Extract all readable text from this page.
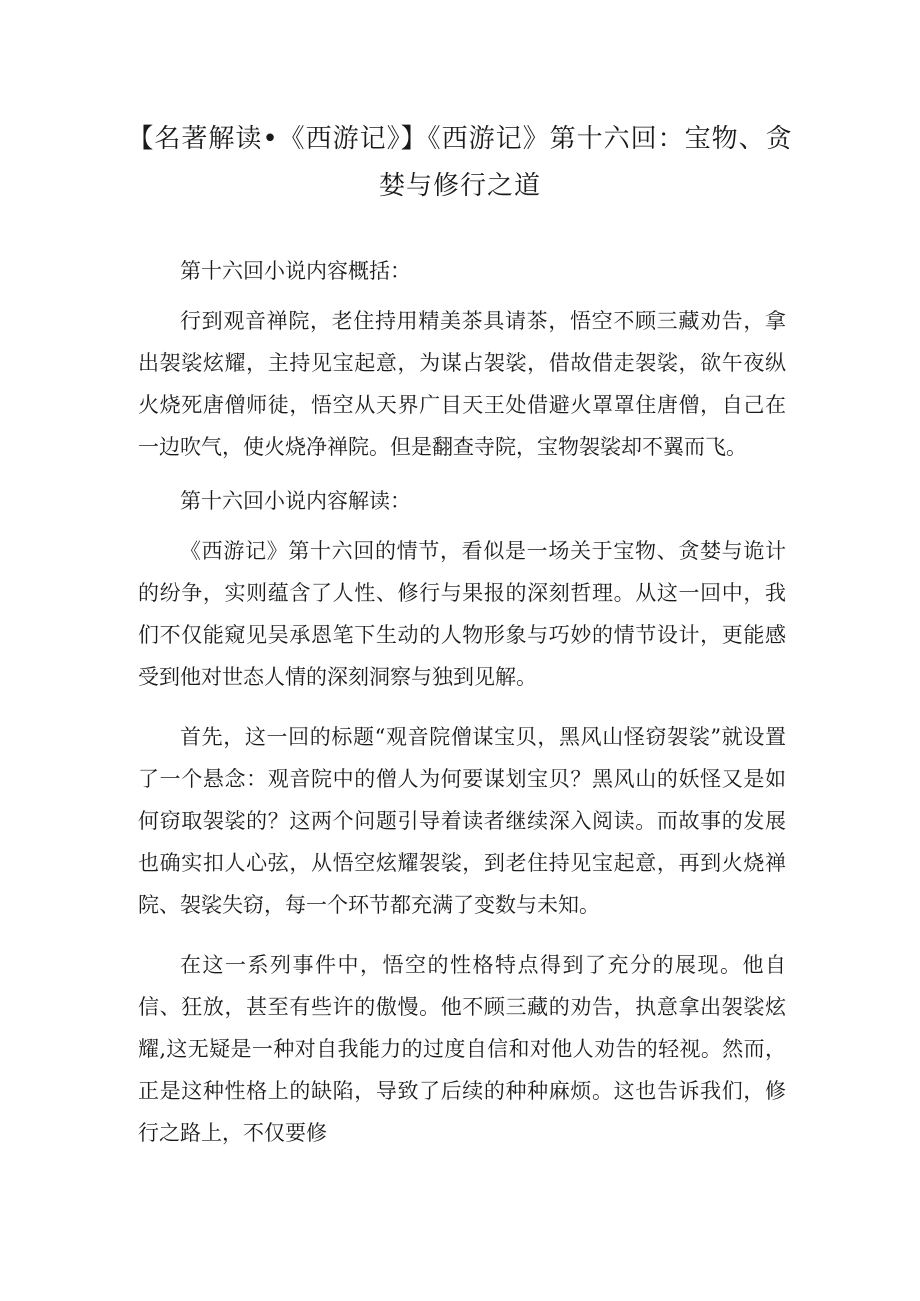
【名著解读•《西游记》】《西游记》第十六回：宝物、贪婪与修行之道

第十六回小说内容概括：

行到观音禅院，老住持用精美茶具请茶，悟空不顾三藏劝告，拿出袈裟炫耀，主持见宝起意，为谋占袈裟，借故借走袈裟，欲午夜纵火烧死唐僧师徒，悟空从天界广目天王处借避火罩罩住唐僧，自己在一边吹气，使火烧净禅院。但是翻查寺院，宝物袈裟却不翼而飞。

第十六回小说内容解读：

《西游记》第十六回的情节，看似是一场关于宝物、贪婪与诡计的纷争，实则蕴含了人性、修行与果报的深刻哲理。从这一回中，我们不仅能窥见吴承恩笔下生动的人物形象与巧妙的情节设计，更能感受到他对世态人情的深刻洞察与独到见解。

首先，这一回的标题“观音院僧谋宝贝，黑风山怪窃袈裟”就设置了一个悬念：观音院中的僧人为何要谋划宝贝？黑风山的妖怪又是如何窃取袈裟的？这两个问题引导着读者继续深入阅读。而故事的发展也确实扣人心弦，从悟空炫耀袈裟，到老住持见宝起意，再到火烧禅院、袈裟失窃，每一个环节都充满了变数与未知。

在这一系列事件中，悟空的性格特点得到了充分的展现。他自信、狂放，甚至有些许的傲慢。他不顾三藏的劝告，执意拿出袈裟炫耀,这无疑是一种对自我能力的过度自信和对他人劝告的轻视。然而，正是这种性格上的缺陷，导致了后续的种种麻烦。这也告诉我们，修行之路上，不仅要修
